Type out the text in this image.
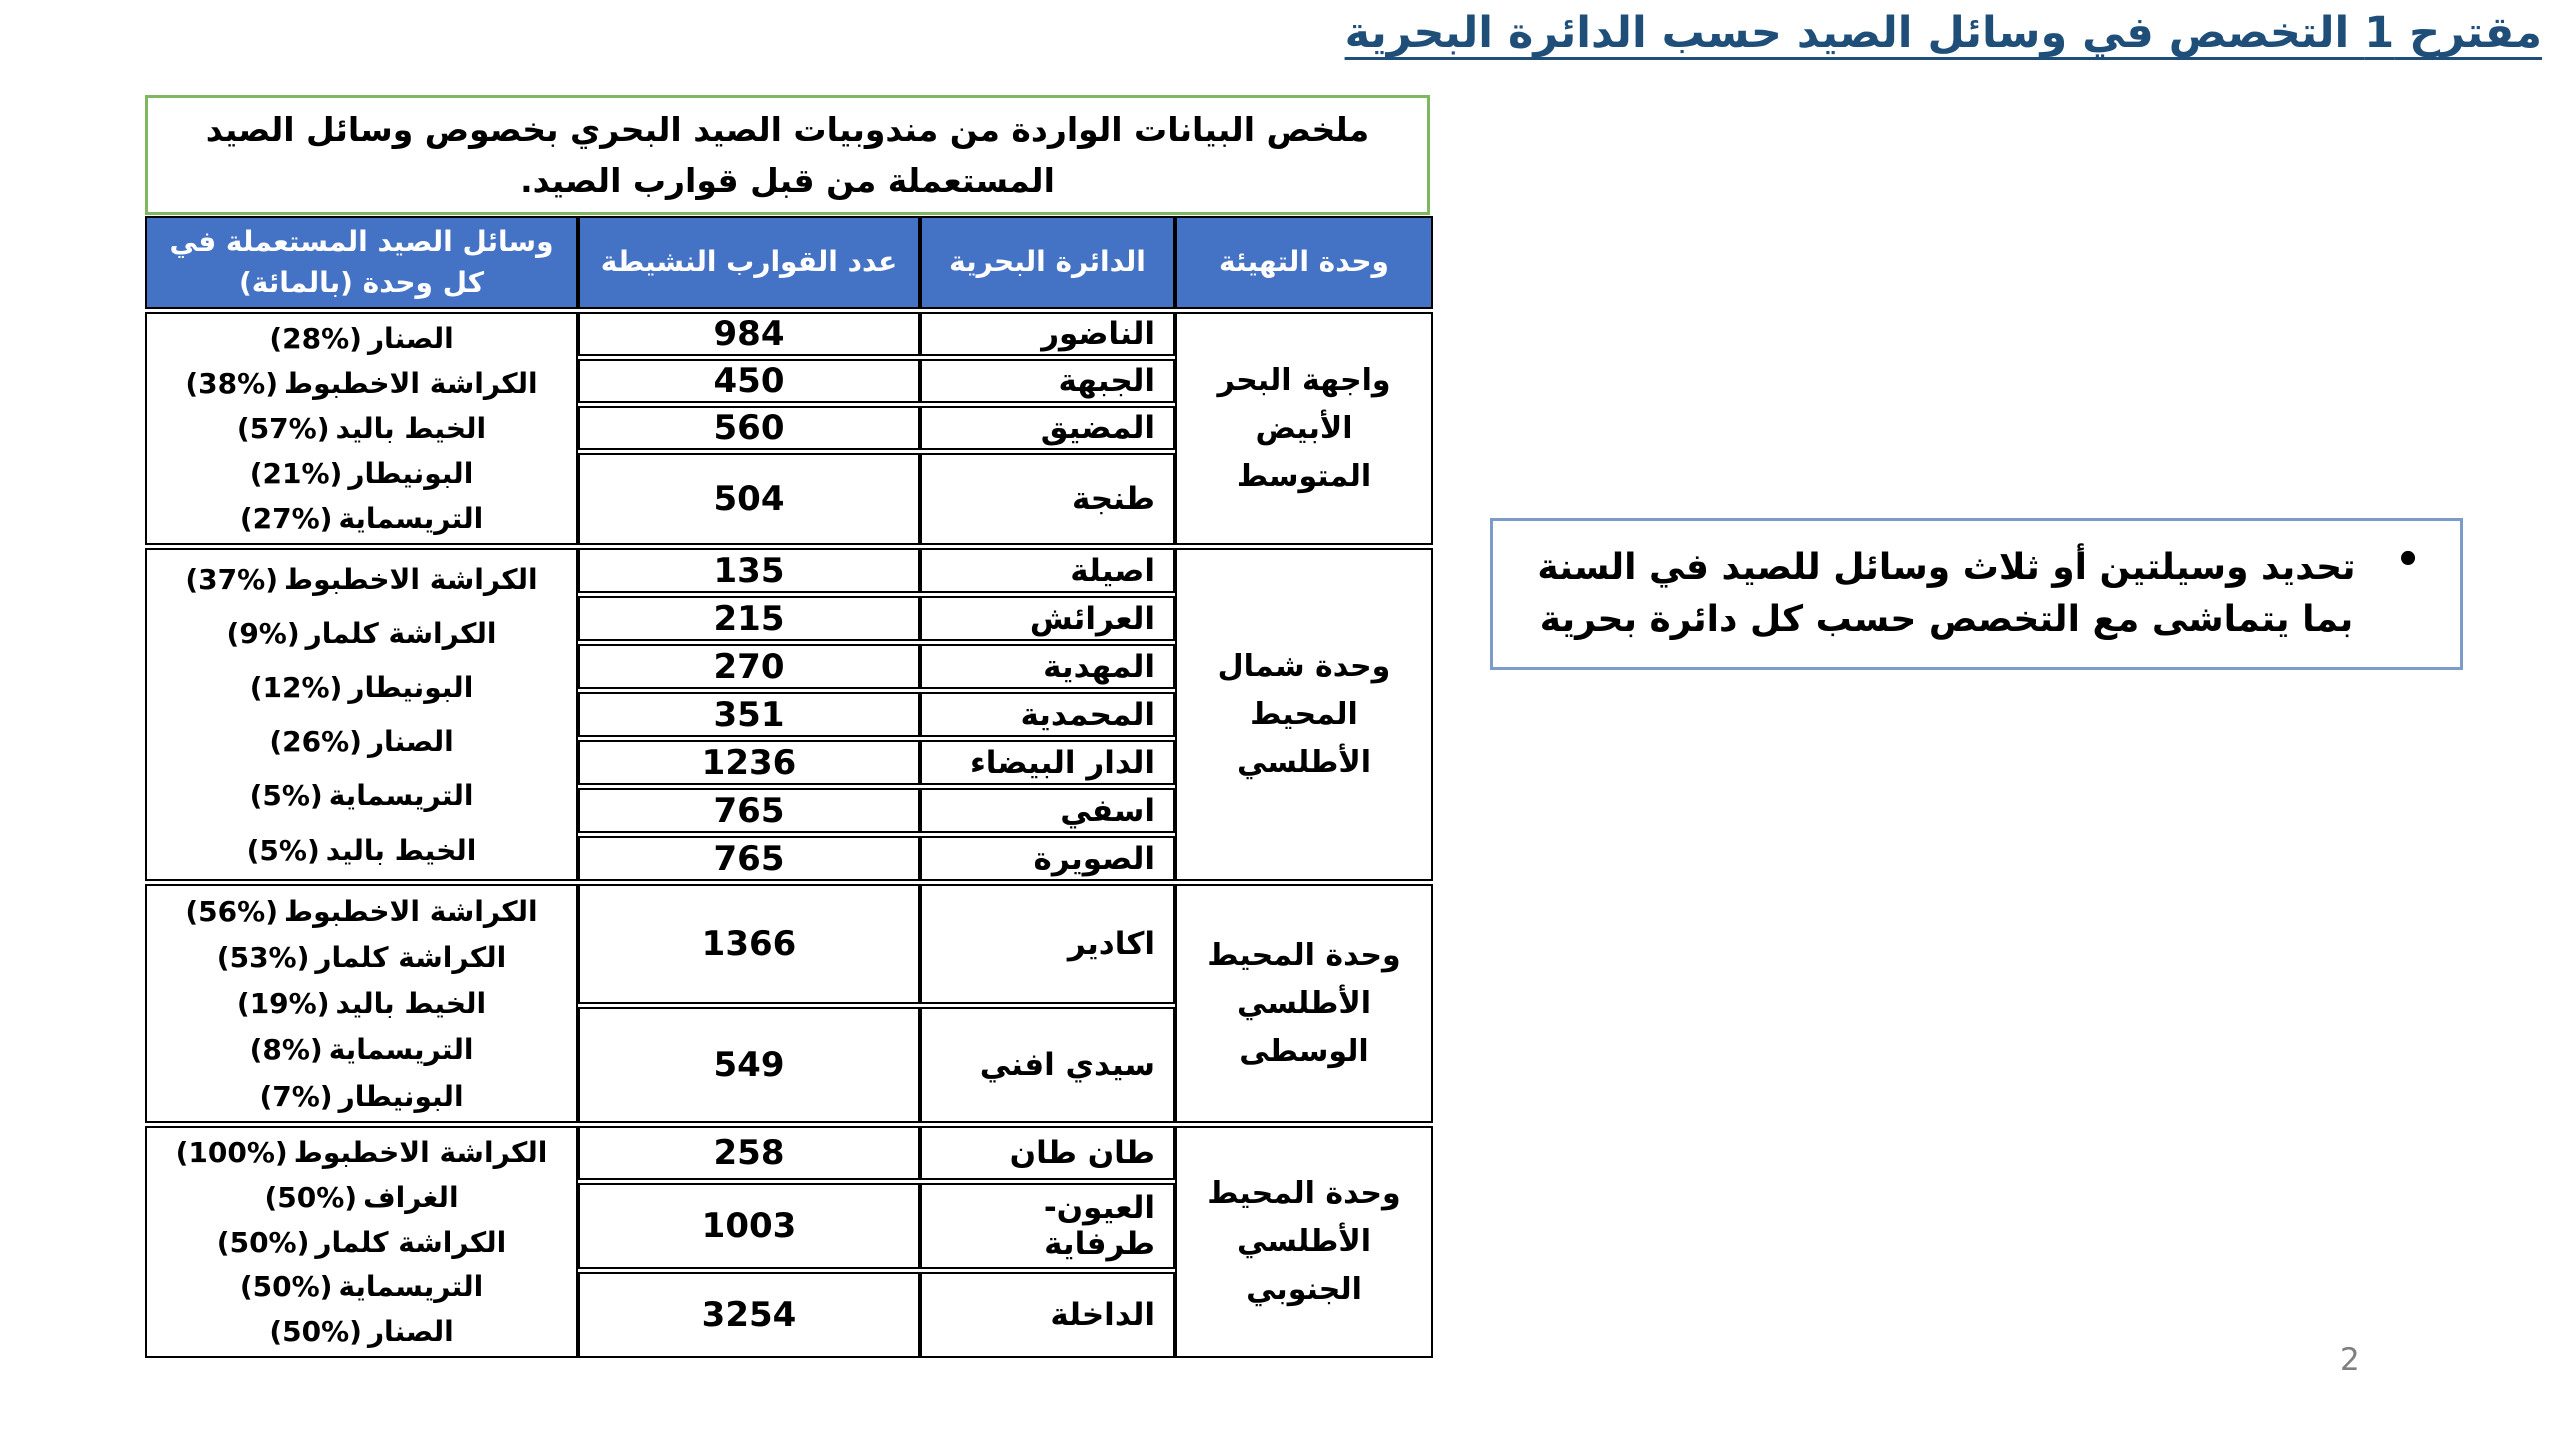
مقترح 1 التخصص في وسائل الصيد حسب الدائرة البحرية
ملخص البيانات الواردة من مندوبيات الصيد البحري بخصوص وسائل الصيد المستعملة من قبل قوارب الصيد.
وحدة التهيئة	الدائرة البحرية	عدد القوارب النشيطة	وسائل الصيد المستعملة في كل وحدة (بالمائة)
واجهة البحر الأبيض المتوسط	الناضور	984	الصنار(28%)
الكراشة الاخطبوط(38%)
الخيط باليد(57%)
البونيطار(21%)
التريسماية(27%)

	الجبهة	450	
	المضيق	560	
	طنجة	504	
وحدة شمال المحيط الأطلسي	اصيلة	135	
الكراشة الاخطبوط(37%)
الكراشة كلمار(9%)
البونيطار(12%)
الصنار(26%)
التريسماية(5%)
الخيط باليد(5%)

	العرائش	215	
	المهدية	270	
	المحمدية	351	
	الدار البيضاء	1236	
	اسفي	765	
	الصويرة	765	
وحدة المحيط الأطلسي الوسطى	اكادير	1366	الكراشة الاخطبوط(56%)
الكراشة كلمار(53%)
الخيط باليد(19%)
التريسماية(8%)
البونيطار(7%)

	سيدي افني	549	
وحدة المحيط الأطلسي الجنوبي	طان طان	258	الكراشة الاخطبوط(100%)
الغراف(50%)
الكراشة كلمار(50%)
التريسماية(50%)
الصنار(50%)

	العيون- طرفاية	1003	
	الداخلة	3254	
•
تحديد وسيلتين أو ثلاث وسائل للصيد في السنة بما يتماشى مع التخصص حسب كل دائرة بحرية
2
